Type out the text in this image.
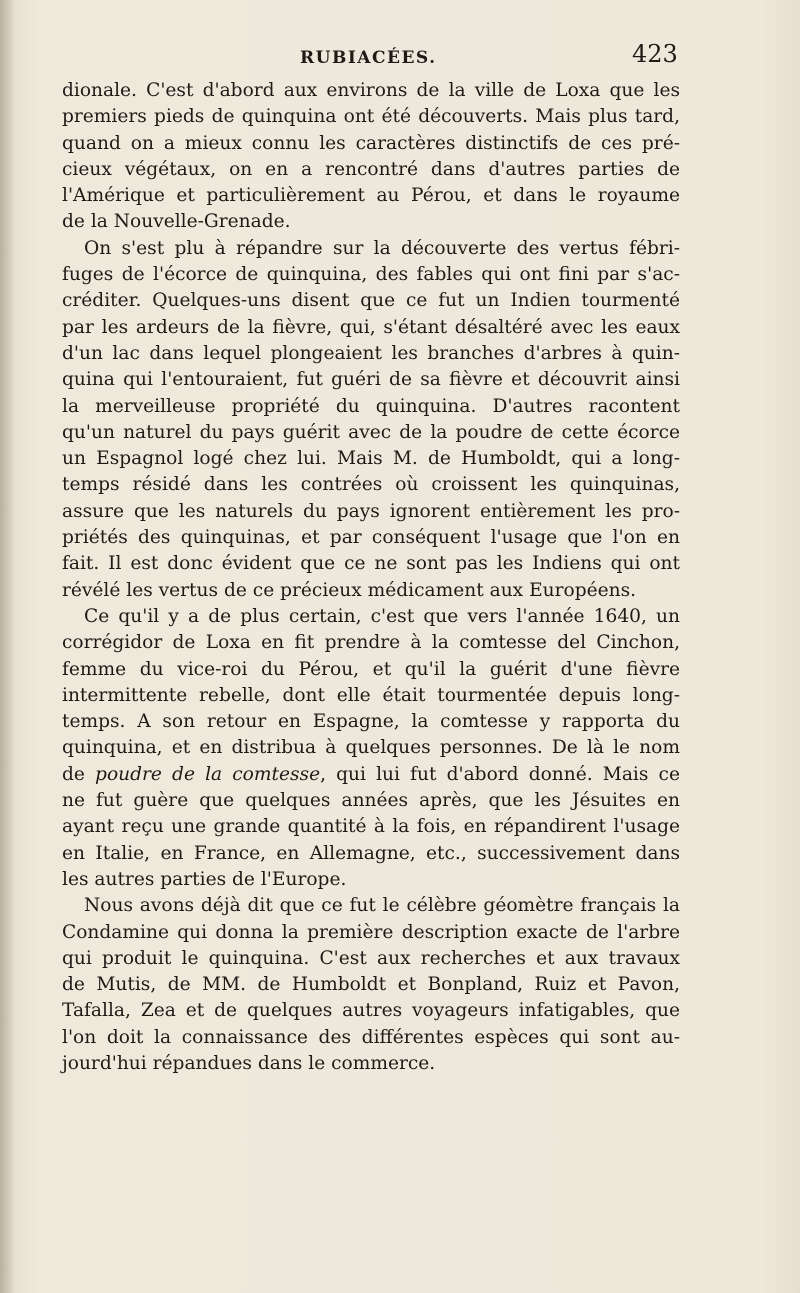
RUBIACÉES.	423

dionale. C'est d'abord aux environs de la ville de Loxa que les
premiers pieds de quinquina ont été découverts. Mais plus tard,
quand on a mieux connu les caractères distinctifs de ces pré-
cieux végétaux, on en a rencontré dans d'autres parties de
l'Amérique et particulièrement au Pérou, et dans le royaume
de la Nouvelle-Grenade.

On s'est plu à répandre sur la découverte des vertus fébri-
fuges de l'écorce de quinquina, des fables qui ont fini par s'ac-
créditer. Quelques-uns disent que ce fut un Indien tourmenté
par les ardeurs de la fièvre, qui, s'étant désaltéré avec les eaux
d'un lac dans lequel plongeaient les branches d'arbres à quin-
quina qui l'entouraient, fut guéri de sa fièvre et découvrit ainsi
la merveilleuse propriété du quinquina. D'autres racontent
qu'un naturel du pays guérit avec de la poudre de cette écorce
un Espagnol logé chez lui. Mais M. de Humboldt, qui a long-
temps résidé dans les contrées où croissent les quinquinas,
assure que les naturels du pays ignorent entièrement les pro-
priétés des quinquinas, et par conséquent l'usage que l'on en
fait. Il est donc évident que ce ne sont pas les Indiens qui ont
révélé les vertus de ce précieux médicament aux Européens.

Ce qu'il y a de plus certain, c'est que vers l'année 1640, un
corrégidor de Loxa en fit prendre à la comtesse del Cinchon,
femme du vice-roi du Pérou, et qu'il la guérit d'une fièvre
intermittente rebelle, dont elle était tourmentée depuis long-
temps. A son retour en Espagne, la comtesse y rapporta du
quinquina, et en distribua à quelques personnes. De là le nom
de poudre de la comtesse, qui lui fut d'abord donné. Mais ce
ne fut guère que quelques années après, que les Jésuites en
ayant reçu une grande quantité à la fois, en répandirent l'usage
en Italie, en France, en Allemagne, etc., successivement dans
les autres parties de l'Europe.

Nous avons déjà dit que ce fut le célèbre géomètre français la
Condamine qui donna la première description exacte de l'arbre
qui produit le quinquina. C'est aux recherches et aux travaux
de Mutis, de MM. de Humboldt et Bonpland, Ruiz et Pavon,
Tafalla, Zea et de quelques autres voyageurs infatigables, que
l'on doit la connaissance des différentes espèces qui sont au-
jourd'hui répandues dans le commerce.
